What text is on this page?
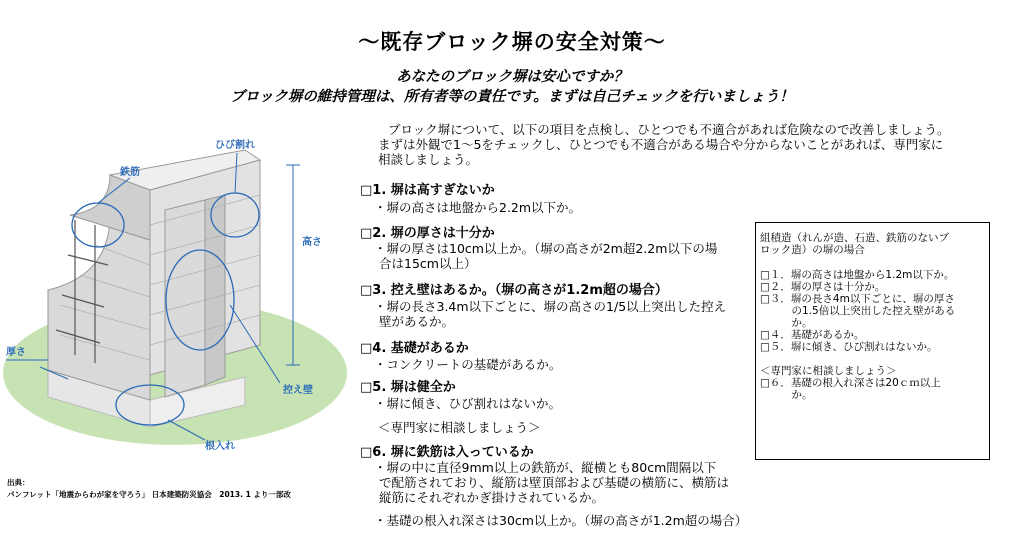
〜既存ブロック塀の安全対策〜
あなたのブロック塀は安心ですか？
ブロック塀の維持管理は、所有者等の責任です。まずは自己チェックを行いましょう！
ひび割れ
鉄筋
高さ
厚さ
控え壁
根入れ
出典：
パンフレット「地震からわが家を守ろう」 日本建築防災協会　2013. 1 より一部改
ブロック塀について、以下の項目を点検し、ひとつでも不適合があれば危険なので改善しましょう。
まずは外観で1〜5をチェックし、ひとつでも不適合がある場合や分からないことがあれば、専門家に
相談しましょう。
□1. 塀は高すぎないか
・塀の高さは地盤から2.2m以下か。
□2. 塀の厚さは十分か
・塀の厚さは10cm以上か。（塀の高さが2m超2.2m以下の場
合は15cm以上）
□3. 控え壁はあるか。（塀の高さが1.2m超の場合）
・塀の長さ3.4m以下ごとに、塀の高さの1/5以上突出した控え
壁があるか。
□4. 基礎があるか
・コンクリートの基礎があるか。
□5. 塀は健全か
・塀に傾き、ひび割れはないか。
＜専門家に相談しましょう＞
□6. 塀に鉄筋は入っているか
・塀の中に直径9mm以上の鉄筋が、縦横とも80cm間隔以下
で配筋されており、縦筋は壁頂部および基礎の横筋に、横筋は
縦筋にそれぞれかぎ掛けされているか。
・基礎の根入れ深さは30cm以上か。（塀の高さが1.2m超の場合）
組積造（れんが造、石造、鉄筋のないブ
ロック造）の塀の場合
□１．塀の高さは地盤から1.2m以下か。
□２．塀の厚さは十分か。
□３．塀の長さ4m以下ごとに、塀の厚さ
　　　の1.5倍以上突出した控え壁がある
　　　か。
□４．基礎があるか。
□５．塀に傾き、ひび割れはないか。
＜専門家に相談しましょう＞
□６．基礎の根入れ深さは20ｃｍ以上
　　　か。
